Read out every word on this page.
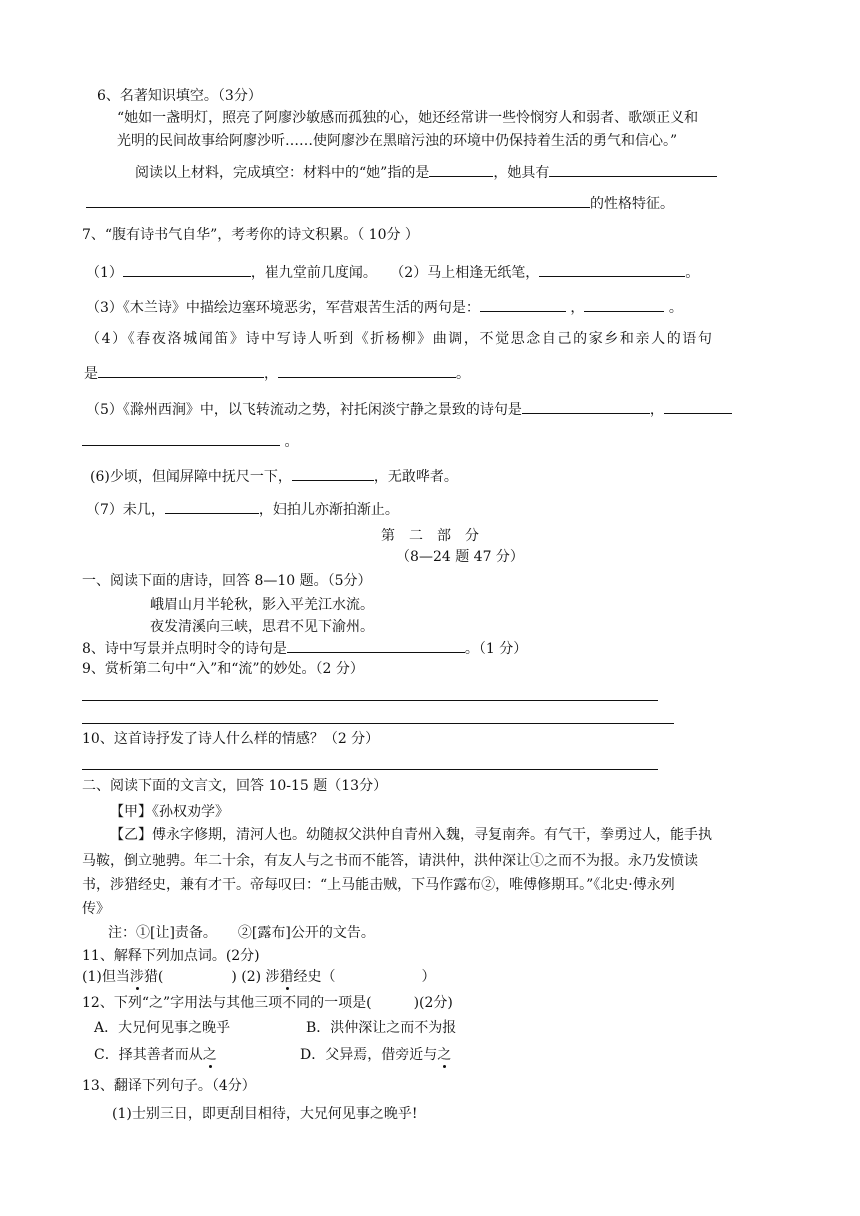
6、名著知识填空。（3分）
“她如一盏明灯，照亮了阿廖沙敏感而孤独的心，她还经常讲一些怜悯穷人和弱者、歌颂正义和
光明的民间故事给阿廖沙听……使阿廖沙在黑暗污浊的环境中仍保持着生活的勇气和信心。”
阅读以上材料，完成填空：材料中的“她”指的是	，她具有
的性格特征。
7、“腹有诗书气自华”，考考你的诗文积累。（ 10分 ）
（1）	，崔九堂前几度闻。 （2）马上相逢无纸笔，	。
（3）《木兰诗》中描绘边塞环境恶劣，军营艰苦生活的两句是：	，	。
（4）《春夜洛城闻笛》诗中写诗人听到《折杨柳》曲调，不觉思念自己的家乡和亲人的语句
是	，	。
（5）《滁州西涧》中，以飞转流动之势，衬托闲淡宁静之景致的诗句是	，
。
(6)少顷，但闻屏障中抚尺一下，	，无敢哗者。
（7）未几，	，妇拍儿亦渐拍渐止。
第　二　部　分
（8—24 题 47 分）
一、阅读下面的唐诗，回答 8—10 题。（5分）
峨眉山月半轮秋，影入平羌江水流。
夜发清溪向三峡，思君不见下渝州。
8、诗中写景并点明时令的诗句是	。（1 分）
9、赏析第二句中“入”和“流”的妙处。（2 分）
10、这首诗抒发了诗人什么样的情感？（2 分）
二、阅读下面的文言文，回答 10-15 题（13分）
【甲】《孙权劝学》
【乙】傅永字修期，清河人也。幼随叔父洪仲自青州入魏，寻复南奔。有气干，拳勇过人，能手执
马鞍，倒立驰骋。年二十余，有友人与之书而不能答，请洪仲，洪仲深让①之而不为报。永乃发愤读
书，涉猎经史，兼有才干。帝每叹曰：“上马能击贼，下马作露布②，唯傅修期耳。”《北史·傅永列
传》
注：①[让]责备。　　②[露布]公开的文告。
11、解释下列加点词。(2分)
(1)但当涉猎(	) (2) 涉猎经史（	）
12、下列“之”字用法与其他三项不同的一项是(　　　)(2分)
A．大兄何见事之晚乎	B．洪仲深让之而不为报
C．择其善者而从之	D．父异焉，借旁近与之
13、翻译下列句子。（4分）
(1)士别三日，即更刮目相待，大兄何见事之晚乎!
